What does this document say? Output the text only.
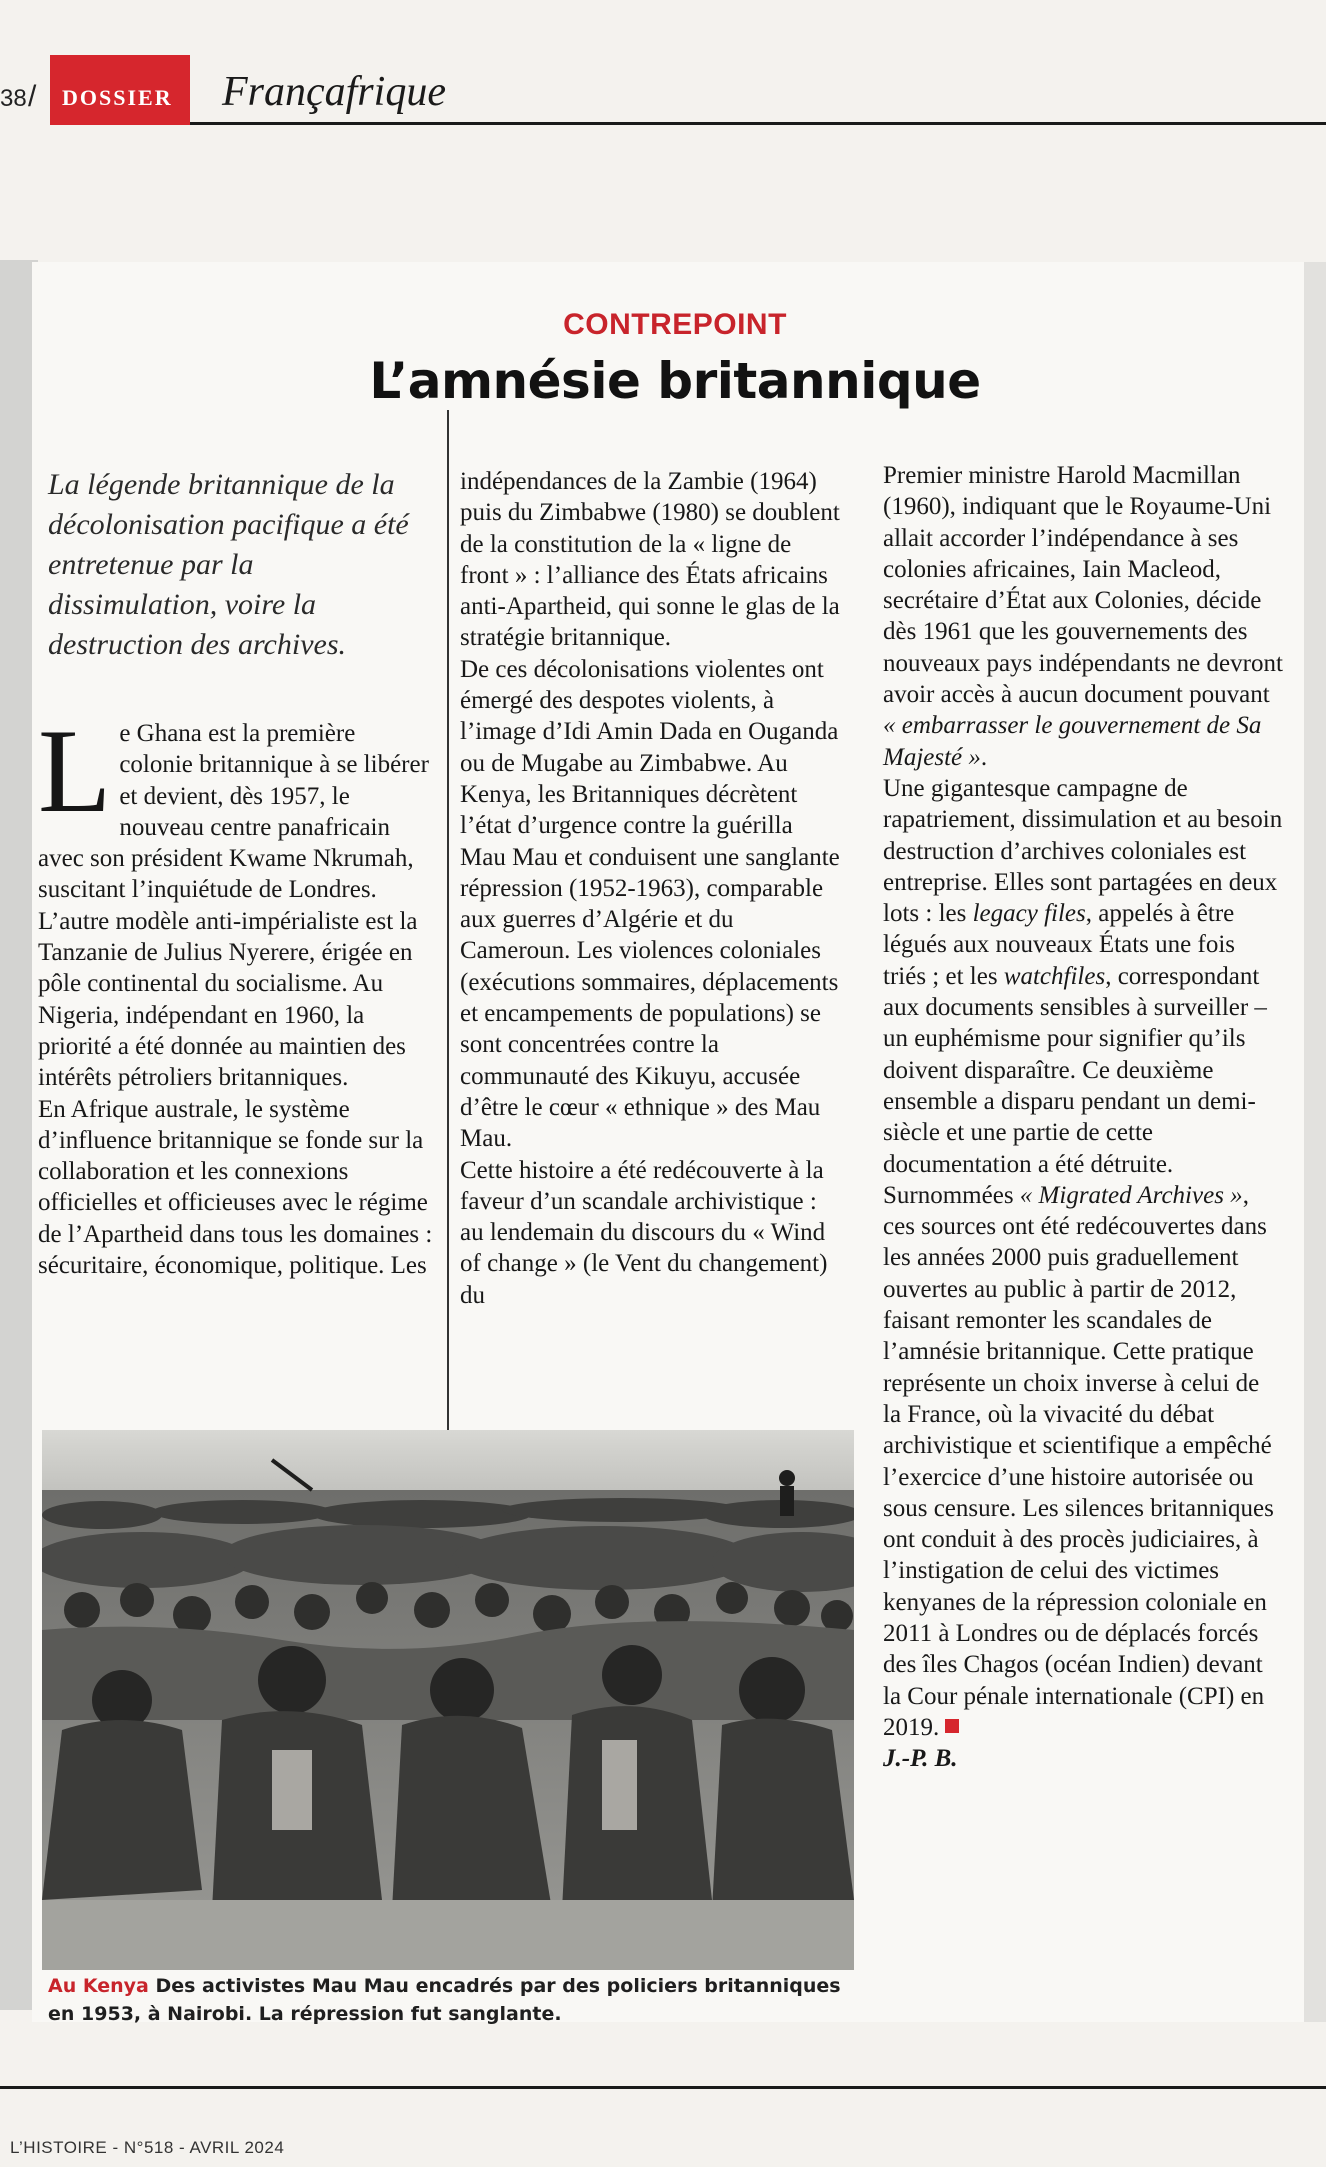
38 / DOSSIER Françafrique
CONTREPOINT
L’amnésie britannique
La légende britannique de la décolonisation pacifique a été entretenue par la dissimulation, voire la destruction des archives.

Le Ghana est la première colonie britannique à se libérer et devient, dès 1957, le nouveau centre panafricain avec son président Kwame Nkrumah, suscitant l’inquiétude de Londres. L’autre modèle anti-impérialiste est la Tanzanie de Julius Nyerere, érigée en pôle continental du socialisme. Au Nigeria, indépendant en 1960, la priorité a été donnée au maintien des intérêts pétroliers britanniques.

En Afrique australe, le système d’influence britannique se fonde sur la collaboration et les connexions officielles et officieuses avec le régime de l’Apartheid dans tous les domaines : sécuritaire, économique, politique. Les

indépendances de la Zambie (1964) puis du Zimbabwe (1980) se doublent de la constitution de la « ligne de front » : l’alliance des États africains anti-Apartheid, qui sonne le glas de la stratégie britannique.

De ces décolonisations violentes ont émergé des despotes violents, à l’image d’Idi Amin Dada en Ouganda ou de Mugabe au Zimbabwe. Au Kenya, les Britanniques décrètent l’état d’urgence contre la guérilla Mau Mau et conduisent une sanglante répression (1952-1963), comparable aux guerres d’Algérie et du Cameroun. Les violences coloniales (exécutions sommaires, déplacements et encampements de populations) se sont concentrées contre la communauté des Kikuyu, accusée d’être le cœur « ethnique » des Mau Mau.

Cette histoire a été redécouverte à la faveur d’un scandale archivistique : au lendemain du discours du « Wind of change » (le Vent du changement) du

Premier ministre Harold Macmillan (1960), indiquant que le Royaume-Uni allait accorder l’indépendance à ses colonies africaines, Iain Macleod, secrétaire d’État aux Colonies, décide dès 1961 que les gouvernements des nouveaux pays indépendants ne devront avoir accès à aucun document pouvant « embarrasser le gouvernement de Sa Majesté ».

Une gigantesque campagne de rapatriement, dissimulation et au besoin destruction d’archives coloniales est entreprise. Elles sont partagées en deux lots : les legacy files, appelés à être légués aux nouveaux États une fois triés ; et les watchfiles, correspondant aux documents sensibles à surveiller – un euphémisme pour signifier qu’ils doivent disparaître. Ce deuxième ensemble a disparu pendant un demi-siècle et une partie de cette documentation a été détruite.

Surnommées « Migrated Archives », ces sources ont été redécouvertes dans les années 2000 puis graduellement ouvertes au public à partir de 2012, faisant remonter les scandales de l’amnésie britannique. Cette pratique représente un choix inverse à celui de la France, où la vivacité du débat archivistique et scientifique a empêché l’exercice d’une histoire autorisée ou sous censure. Les silences britanniques ont conduit à des procès judiciaires, à l’instigation de celui des victimes kenyanes de la répression coloniale en 2011 à Londres ou de déplacés forcés des îles Chagos (océan Indien) devant la Cour pénale internationale (CPI) en 2019.

J.-P. B.

Au Kenya Des activistes Mau Mau encadrés par des policiers britanniques en 1953, à Nairobi. La répression fut sanglante.
L’HISTOIRE - N°518 - AVRIL 2024
